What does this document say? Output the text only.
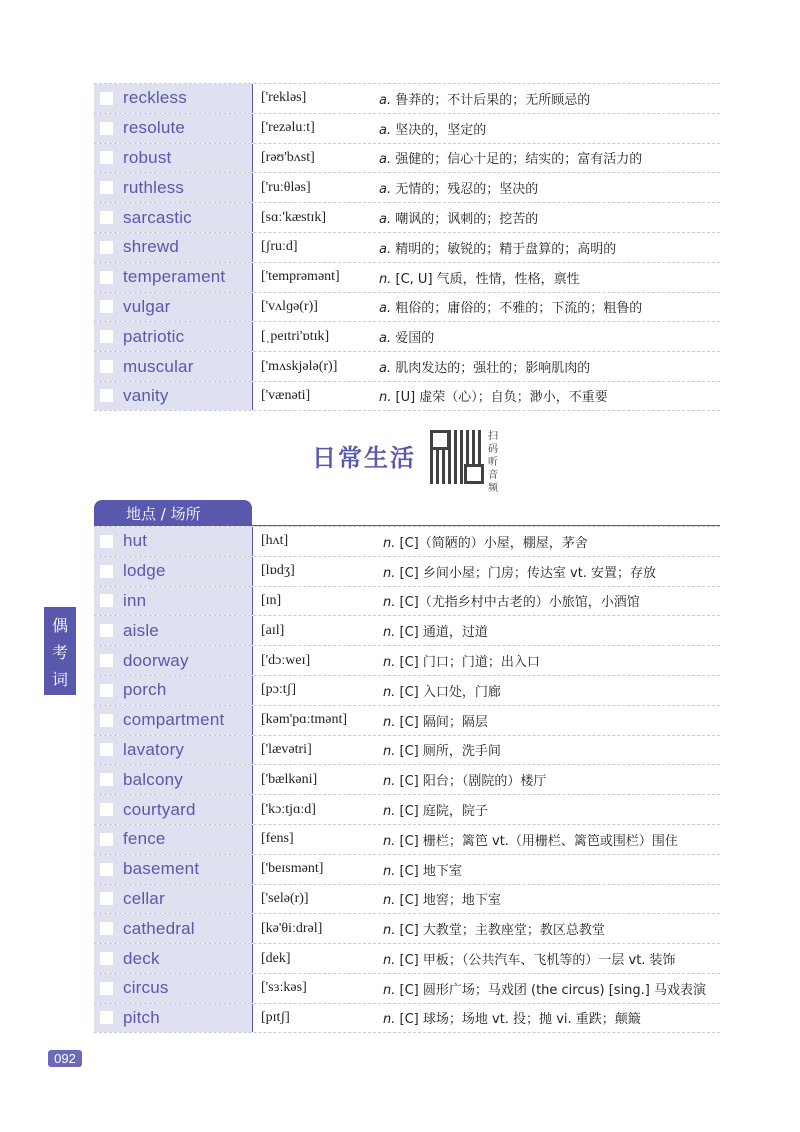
reckless	['rekləs]	a. 鲁莽的；不计后果的；无所顾忌的
resolute	['rezəluːt]	a. 坚决的，坚定的
robust	[rəʊ'bʌst]	a. 强健的；信心十足的；结实的；富有活力的
ruthless	['ruːθləs]	a. 无情的；残忍的；坚决的
sarcastic	[sɑː'kæstɪk]	a. 嘲讽的；讽刺的；挖苦的
shrewd	[ʃruːd]	a. 精明的；敏锐的；精于盘算的；高明的
temperament	['temprəmənt]	n. [C, U] 气质，性情，性格，禀性
vulgar	['vʌlɡə(r)]	a. 粗俗的；庸俗的；不雅的；下流的；粗鲁的
patriotic	[ˌpeɪtri'ɒtɪk]	a. 爱国的
muscular	['mʌskjələ(r)]	a. 肌肉发达的；强壮的；影响肌肉的
vanity	['vænəti]	n. [U] 虚荣（心）；自负；渺小，不重要
日常生活
扫码听音频
地点 / 场所
hut	[hʌt]	n. [C]（简陋的）小屋，棚屋，茅舍
lodge	[lɒdʒ]	n. [C] 乡间小屋；门房；传达室 vt. 安置；存放
inn	[ɪn]	n. [C]（尤指乡村中古老的）小旅馆，小酒馆
aisle	[aɪl]	n. [C] 通道，过道
doorway	['dɔːweɪ]	n. [C] 门口；门道；出入口
porch	[pɔːtʃ]	n. [C] 入口处，门廊
compartment	[kəm'pɑːtmənt]	n. [C] 隔间；隔层
lavatory	['lævətri]	n. [C] 厕所，洗手间
balcony	['bælkəni]	n. [C] 阳台；（剧院的）楼厅
courtyard	['kɔːtjɑːd]	n. [C] 庭院，院子
fence	[fens]	n. [C] 栅栏；篱笆 vt.（用栅栏、篱笆或围栏）围住
basement	['beɪsmənt]	n. [C] 地下室
cellar	['selə(r)]	n. [C] 地窖；地下室
cathedral	[kə'θiːdrəl]	n. [C] 大教堂；主教座堂；教区总教堂
deck	[dek]	n. [C] 甲板；（公共汽车、飞机等的）一层 vt. 装饰
circus	['sɜːkəs]	n. [C] 圆形广场；马戏团 (the circus) [sing.] 马戏表演
pitch	[pɪtʃ]	n. [C] 球场；场地 vt. 投；抛 vi. 重跌；颠簸
偶
考
词
092
